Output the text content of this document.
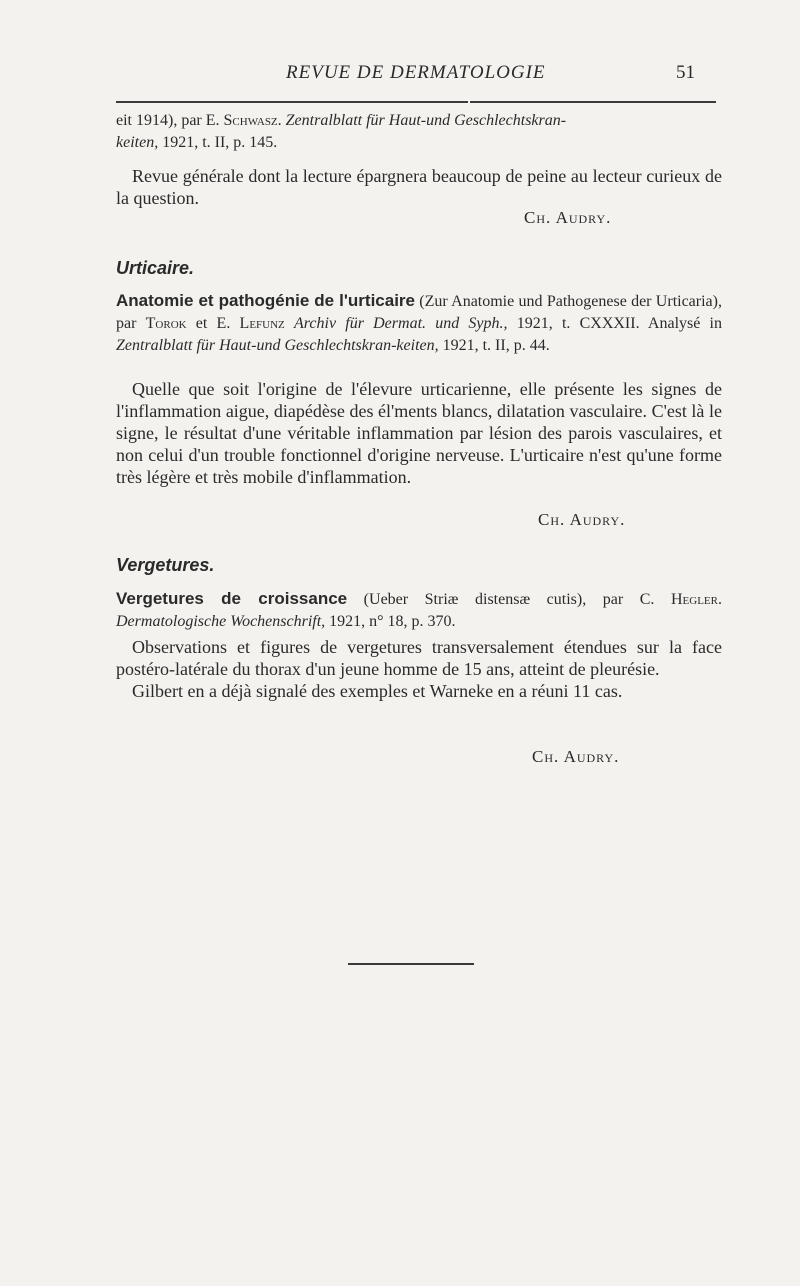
REVUE DE DERMATOLOGIE	51

eit 1914), par E. Schwasz. Zentralblatt für Haut-und Geschlechtskran-
keiten, 1921, t. II, p. 145.

Revue générale dont la lecture épargnera beaucoup de peine au lecteur curieux de la question.

Ch. Audry.
Urticaire.

Anatomie et pathogénie de l'urticaire (Zur Anatomie und Pathogenese der Urticaria), par Torok et E. Lefunz Archiv für Dermat. und Syph., 1921, t. CXXXII. Analysé in Zentralblatt für Haut-und Geschlechtskran-keiten, 1921, t. II, p. 44.

Quelle que soit l'origine de l'élevure urticarienne, elle présente les signes de l'inflammation aigue, diapédèse des él'ments blancs, dilatation vasculaire. C'est là le signe, le résultat d'une véritable inflammation par lésion des parois vasculaires, et non celui d'un trouble fonctionnel d'origine nerveuse. L'urticaire n'est qu'une forme très légère et très mobile d'inflammation.

Ch. Audry.
Vergetures.

Vergetures de croissance (Ueber Striæ distensæ cutis), par C. Hegler. Dermatologische Wochenschrift, 1921, n° 18, p. 370.

Observations et figures de vergetures transversalement étendues sur la face postéro-latérale du thorax d'un jeune homme de 15 ans, atteint de pleurésie.

Gilbert en a déjà signalé des exemples et Warneke en a réuni 11 cas.

Ch. Audry.
